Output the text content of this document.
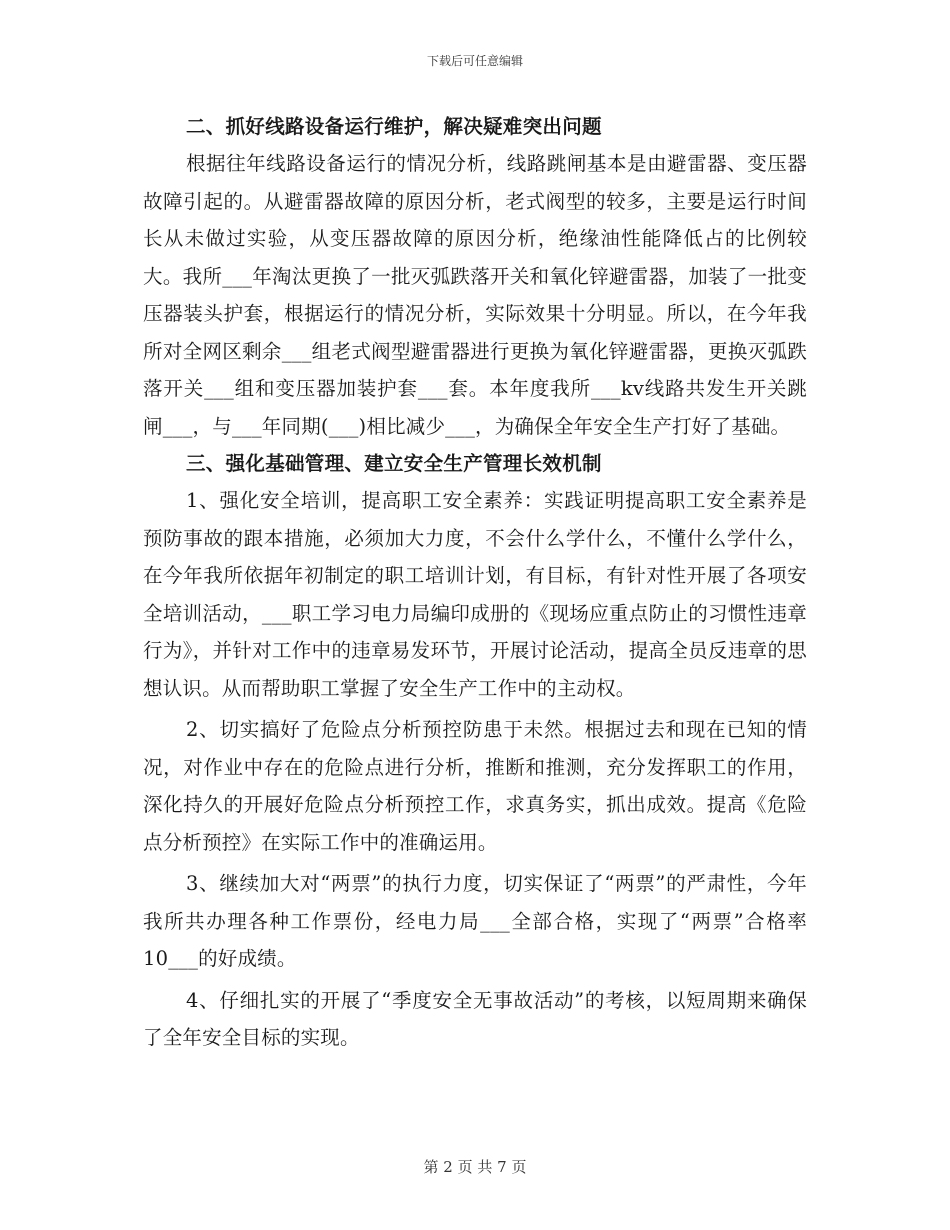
下载后可任意编辑

二、抓好线路设备运行维护，解决疑难突出问题

根据往年线路设备运行的情况分析，线路跳闸基本是由避雷器、变压器故障引起的。从避雷器故障的原因分析，老式阀型的较多，主要是运行时间长从未做过实验，从变压器故障的原因分析，绝缘油性能降低占的比例较大。我所___年淘汰更换了一批灭弧跌落开关和氧化锌避雷器，加装了一批变压器装头护套，根据运行的情况分析，实际效果十分明显。所以，在今年我所对全网区剩余___组老式阀型避雷器进行更换为氧化锌避雷器，更换灭弧跌落开关___组和变压器加装护套___套。本年度我所___kv线路共发生开关跳闸___，与___年同期(___)相比减少___，为确保全年安全生产打好了基础。

三、强化基础管理、建立安全生产管理长效机制

1、强化安全培训，提高职工安全素养：实践证明提高职工安全素养是预防事故的跟本措施，必须加大力度，不会什么学什么，不懂什么学什么，在今年我所依据年初制定的职工培训计划，有目标，有针对性开展了各项安全培训活动，___职工学习电力局编印成册的《现场应重点防止的习惯性违章行为》，并针对工作中的违章易发环节，开展讨论活动，提高全员反违章的思想认识。从而帮助职工掌握了安全生产工作中的主动权。

2、切实搞好了危险点分析预控防患于未然。根据过去和现在已知的情况，对作业中存在的危险点进行分析，推断和推测，充分发挥职工的作用，深化持久的开展好危险点分析预控工作，求真务实，抓出成效。提高《危险点分析预控》在实际工作中的准确运用。

3、继续加大对“两票”的执行力度，切实保证了“两票”的严肃性，今年我所共办理各种工作票份，经电力局___全部合格，实现了“两票”合格率10___的好成绩。

4、仔细扎实的开展了“季度安全无事故活动”的考核，以短周期来确保了全年安全目标的实现。

第 2 页 共 7 页
